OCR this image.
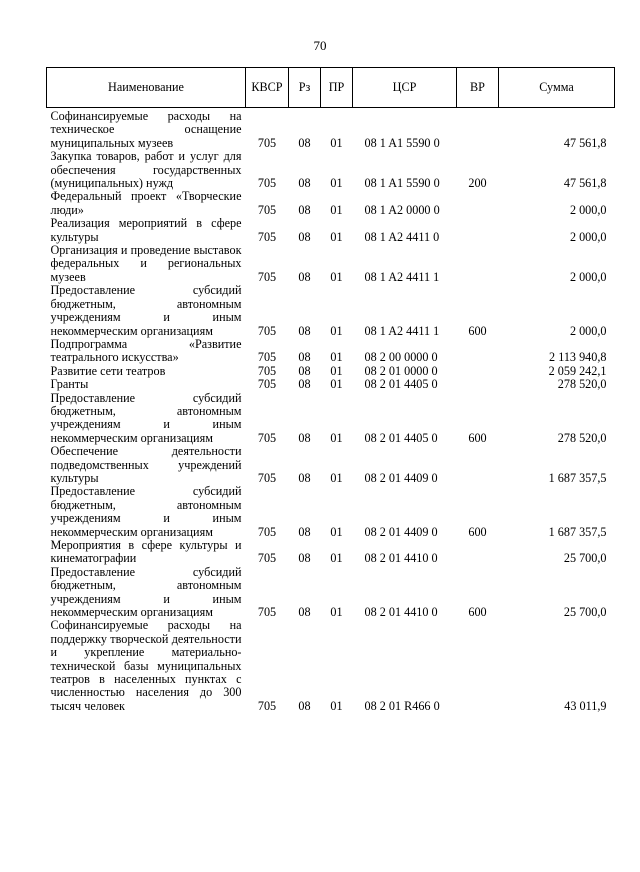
70
Наименование	КВСР	Рз	ПР	ЦСР	ВР	Сумма
Софинансируемые расходы на техническое оснащение муниципальных музеев	705	08	01	08 1 A1 5590 0		47 561,8
Закупка товаров, работ и услуг для обеспечения государственных (муниципальных) нужд	705	08	01	08 1 A1 5590 0	200	47 561,8
Федеральный проект «Творческие люди»	705	08	01	08 1 A2 0000 0		2 000,0
Реализация мероприятий в сфере культуры	705	08	01	08 1 A2 4411 0		2 000,0
Организация и проведение выставок федеральных и региональных музеев	705	08	01	08 1 A2 4411 1		2 000,0
Предоставление субсидий бюджетным, автономным учреждениям и иным некоммерческим организациям	705	08	01	08 1 A2 4411 1	600	2 000,0
Подпрограмма «Развитие театрального искусства»	705	08	01	08 2 00 0000 0		2 113 940,8
Развитие сети театров	705	08	01	08 2 01 0000 0		2 059 242,1
Гранты	705	08	01	08 2 01 4405 0		278 520,0
Предоставление субсидий бюджетным, автономным учреждениям и иным некоммерческим организациям	705	08	01	08 2 01 4405 0	600	278 520,0
Обеспечение деятельности подведомственных учреждений культуры	705	08	01	08 2 01 4409 0		1 687 357,5
Предоставление субсидий бюджетным, автономным учреждениям и иным некоммерческим организациям	705	08	01	08 2 01 4409 0	600	1 687 357,5
Мероприятия в сфере культуры и кинематографии	705	08	01	08 2 01 4410 0		25 700,0
Предоставление субсидий бюджетным, автономным учреждениям и иным некоммерческим организациям	705	08	01	08 2 01 4410 0	600	25 700,0
Софинансируемые расходы на поддержку творческой деятельности и укрепление материально-технической базы муниципальных театров в населенных пунктах с численностью населения до 300 тысяч человек	705	08	01	08 2 01 R466 0		43 011,9
